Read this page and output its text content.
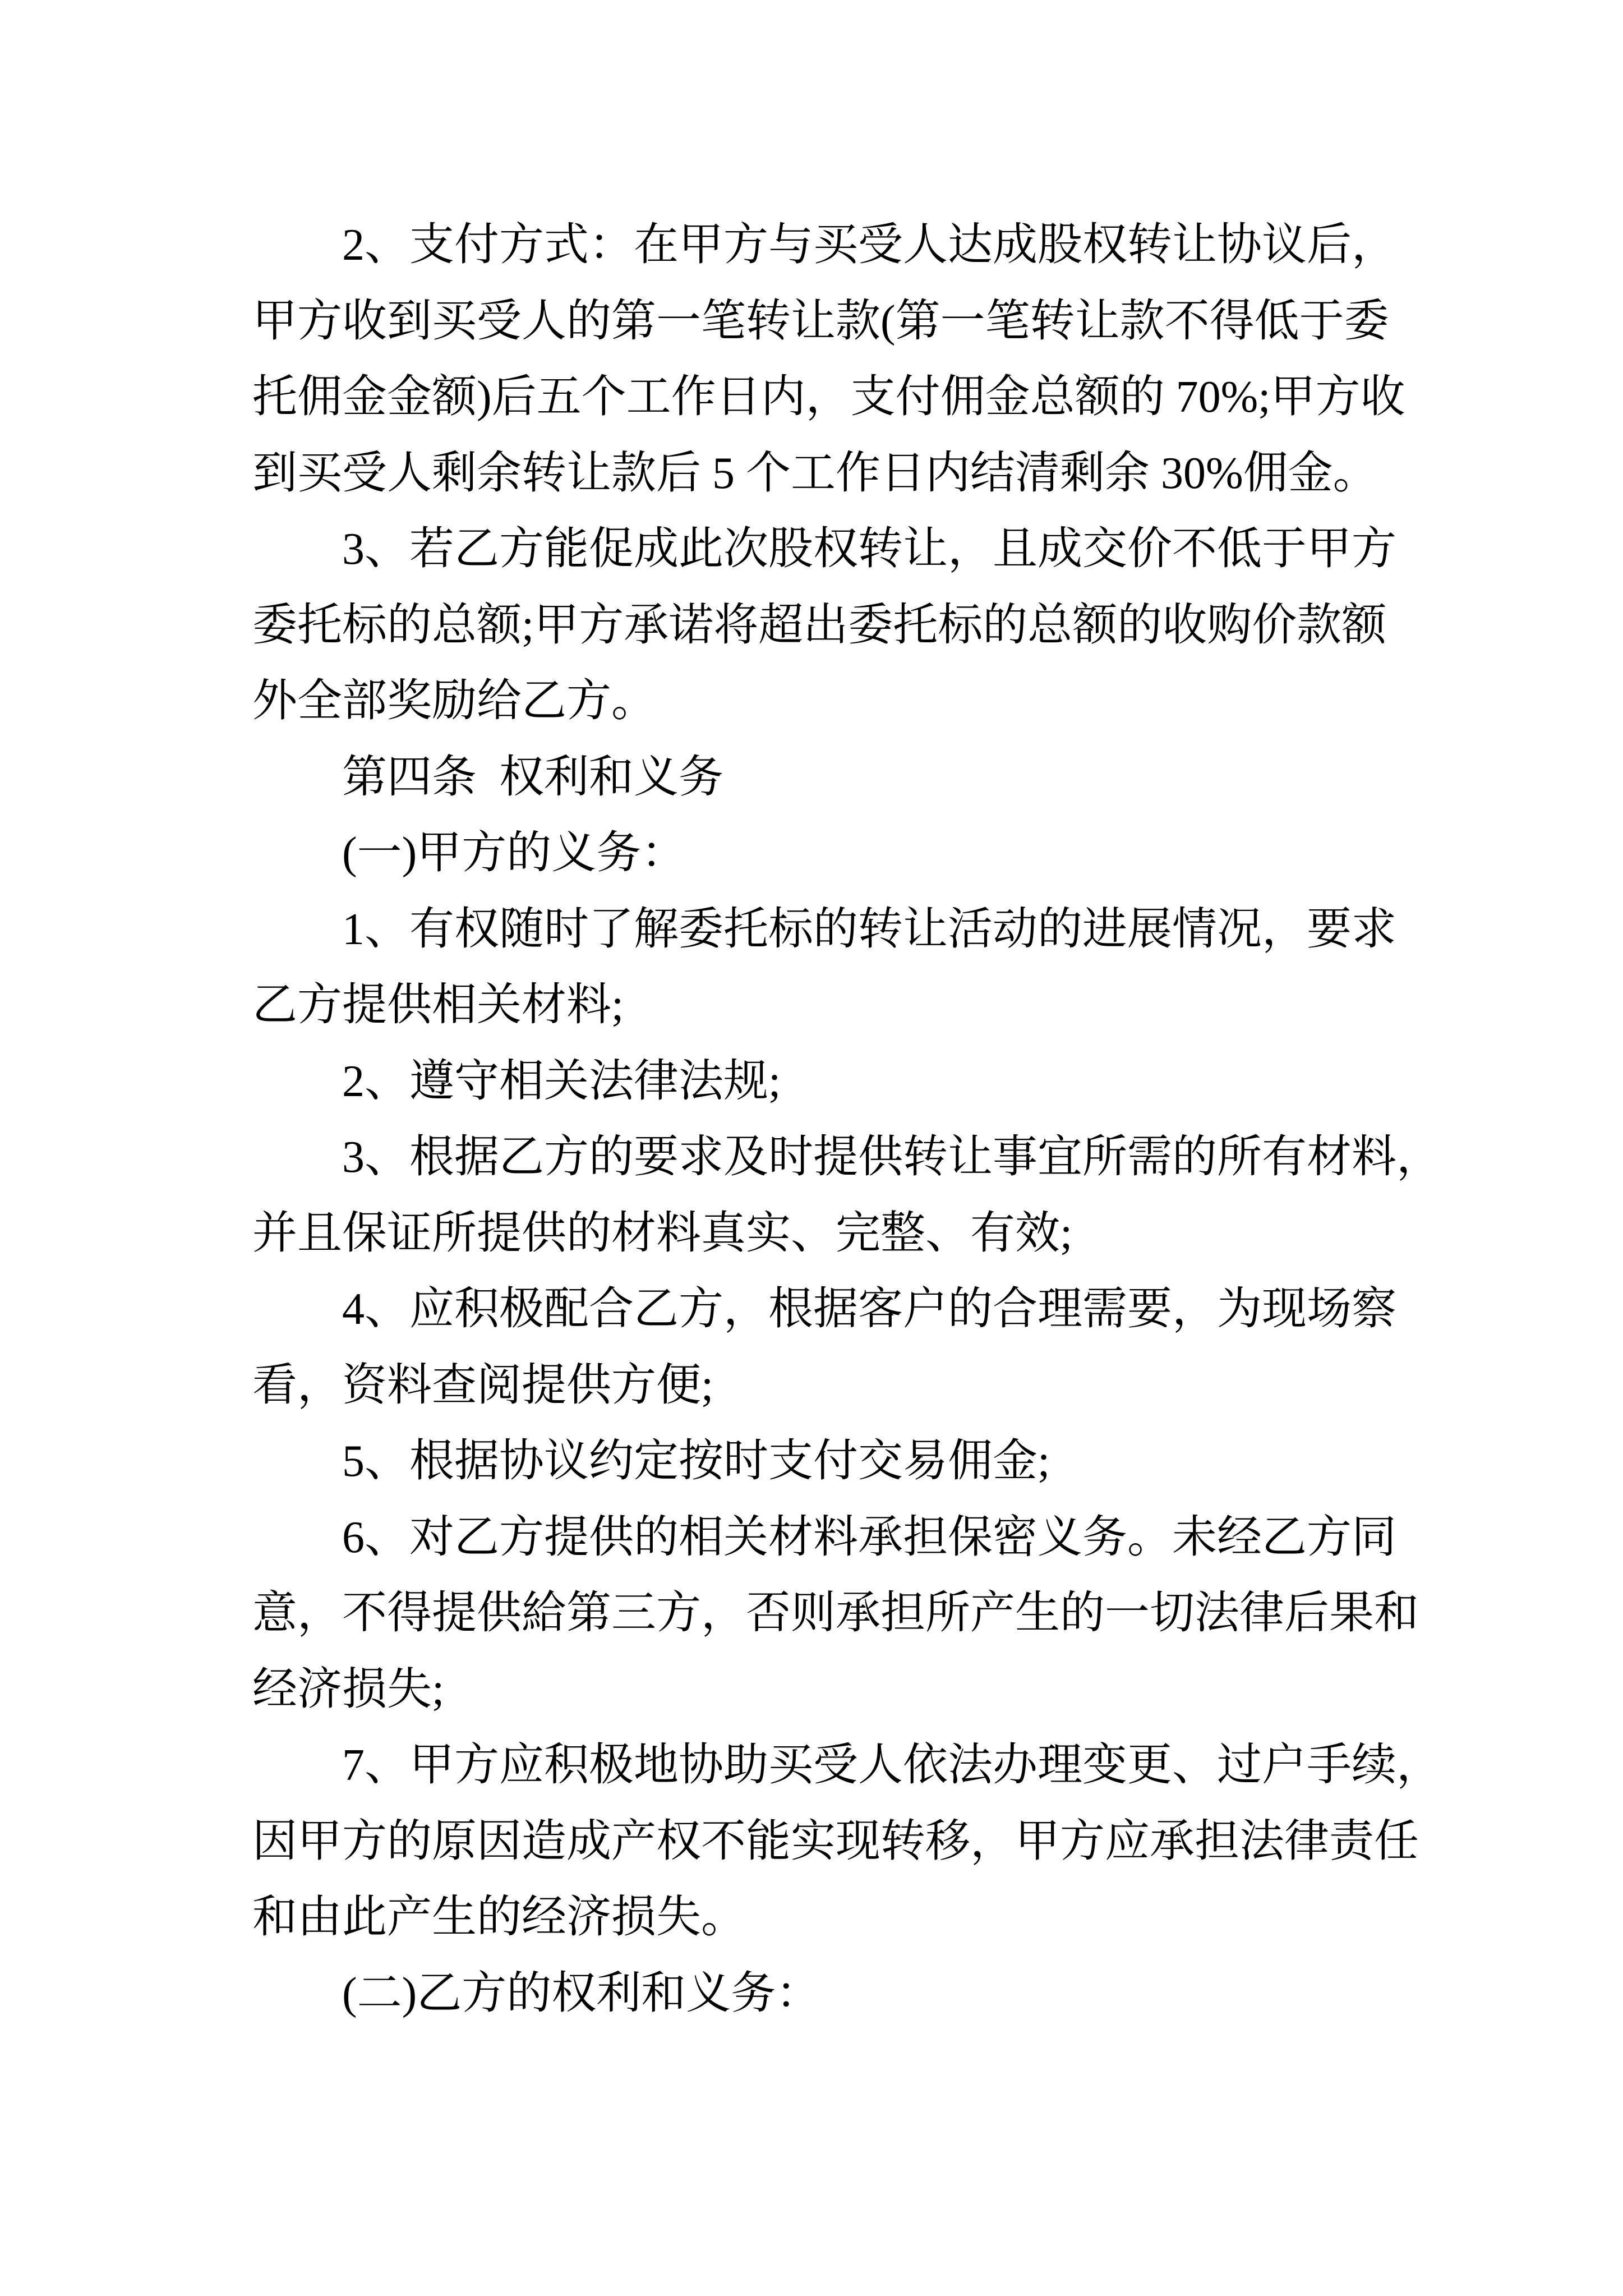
2、支付方式：在甲方与买受人达成股权转让协议后，
甲方收到买受人的第一笔转让款(第一笔转让款不得低于委
托佣金金额)后五个工作日内，支付佣金总额的 70%;甲方收
到买受人剩余转让款后 5 个工作日内结清剩余 30%佣金。
3、若乙方能促成此次股权转让，且成交价不低于甲方
委托标的总额;甲方承诺将超出委托标的总额的收购价款额
外全部奖励给乙方。
第四条 权利和义务
(一)甲方的义务：
1、有权随时了解委托标的转让活动的进展情况，要求
乙方提供相关材料;
2、遵守相关法律法规;
3、根据乙方的要求及时提供转让事宜所需的所有材料，
并且保证所提供的材料真实、完整、有效;
4、应积极配合乙方，根据客户的合理需要，为现场察
看，资料查阅提供方便;
5、根据协议约定按时支付交易佣金;
6、对乙方提供的相关材料承担保密义务。未经乙方同
意，不得提供給第三方，否则承担所产生的一切法律后果和
经济损失;
7、甲方应积极地协助买受人依法办理变更、过户手续，
因甲方的原因造成产权不能实现转移，甲方应承担法律责任
和由此产生的经济损失。
(二)乙方的权利和义务：
